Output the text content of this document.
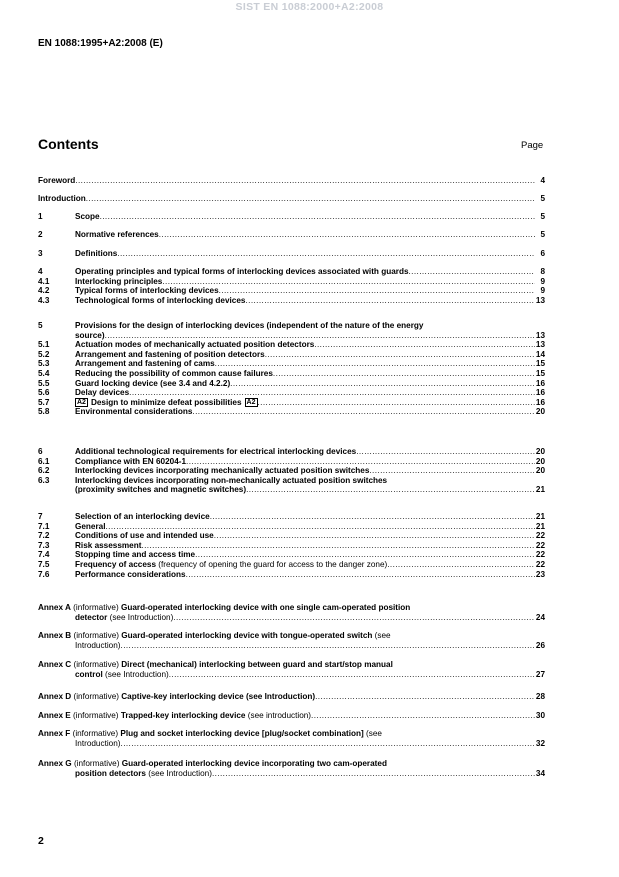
SIST EN 1088:2000+A2:2008
EN 1088:1995+A2:2008 (E)
Contents	Page
Foreword .....	4
Introduction .....	5
1	Scope .....	5
2	Normative references .....	5
3	Definitions .....	6
4	Operating principles and typical forms of interlocking devices associated with guards .....	8
4.1	Interlocking principles .....	9
4.2	Typical forms of interlocking devices .....	9
4.3	Technological forms of interlocking devices .....	13
5	Provisions for the design of interlocking devices (independent of the nature of the energy
source) .....	13
5.1	Actuation modes of mechanically actuated position detectors .....	13
5.2	Arrangement and fastening of position detectors .....	14
5.3	Arrangement and fastening of cams .....	15
5.4	Reducing the possibility of common cause failures .....	15
5.5	Guard locking device (see 3.4 and 4.2.2) .....	16
5.6	Delay devices .....	16
5.7	A2 Design to minimize defeat possibilities A2 .....	16
5.8	Environmental considerations .....	20
6	Additional technological requirements for electrical interlocking devices .....	20
6.1	Compliance with EN 60204-1 .....	20
6.2	Interlocking devices incorporating mechanically actuated position switches .....	20
6.3	Interlocking devices incorporating non-mechanically actuated position switches
(proximity switches and magnetic switches) .....	21
7	Selection of an interlocking device .....	21
7.1	General .....	21
7.2	Conditions of use and intended use .....	22
7.3	Risk assessment .....	22
7.4	Stopping time and access time .....	22
7.5	Frequency of access (frequency of opening the guard for access to the danger zone) .....	22
7.6	Performance considerations .....	23
Annex A (informative) Guard-operated interlocking device with one single cam-operated position
detector (see Introduction) .....	24
Annex B (informative) Guard-operated interlocking device with tongue-operated switch (see
Introduction) .....	26
Annex C (informative) Direct (mechanical) interlocking between guard and start/stop manual
control (see Introduction) .....	27
Annex D (informative) Captive-key interlocking device (see Introduction) .....	28
Annex E (informative) Trapped-key interlocking device (see introduction) .....	30
Annex F (informative) Plug and socket interlocking device [plug/socket combination] (see
Introduction) .....	32
Annex G (informative) Guard-operated interlocking device incorporating two cam-operated
position detectors (see Introduction) .....	34
2
